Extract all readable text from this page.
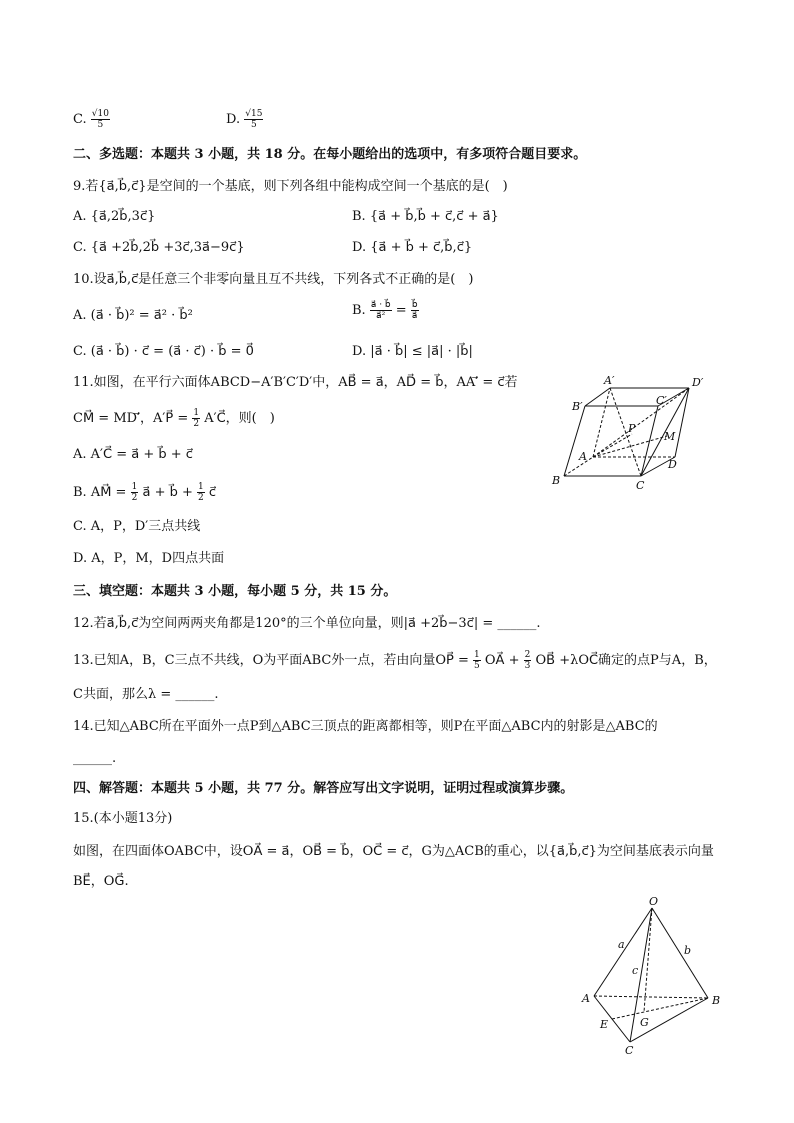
C. $\frac{√10}{5}$	D. $\frac{√15}{5}$
二、多选题：本题共 3 小题，共 18 分。在每小题给出的选项中，有多项符合题目要求。
9.若{a⃗,b⃗,c⃗}是空间的一个基底，则下列各组中能构成空间一个基底的是(　)
A. {a⃗,2b⃗,3c⃗}	B. {a⃗ + b⃗,b⃗ + c⃗,c⃗ + a⃗}
C. {a⃗ +2b⃗,2b⃗ +3c⃗,3a⃗−9c⃗}	D. {a⃗ + b⃗ + c⃗,b⃗,c⃗}
10.设a⃗,b⃗,c⃗是任意三个非零向量且互不共线，下列各式不正确的是(　)
A. (a⃗ · b⃗)² = a⃗² · b⃗²	B. $\frac{a⃗ \cdot b⃗}{\text{a⃗²}} = \frac{b⃗}{a⃗}$
C. (a⃗ · b⃗) · c⃗ = (a⃗ · c⃗) · b⃗ = 0⃗	D. |a⃗ · b⃗| ≤ |a⃗| · |b⃗|
11.如图，在平行六面体ABCD−A′B′C′D′中，AB⃗ = a⃗，AD⃗ = b⃗，AA′⃗ = c⃗若
CM⃗ = MD′⃗，A′P⃗ = $\frac{1}{2}$ A′C⃗，则(　)
A. A′C⃗ = a⃗ + b⃗ + c⃗
B. AM⃗ = $\frac{1}{2}$ a⃗ + b⃗ + $\frac{1}{2}$ c⃗
C. A，P，D′三点共线
D. A，P，M，D四点共面
A′	D′
B′	C′
P
M
A
D
B	C
三、填空题：本题共 3 小题，每小题 5 分，共 15 分。
12.若a⃗,b⃗,c⃗为空间两两夹角都是120°的三个单位向量，则|a⃗ +2b⃗−3c⃗| = ______.
13.已知A，B，C三点不共线，O为平面ABC外一点，若由向量OP⃗ = $\frac{1}{5}$ OA⃗ + $\frac{2}{3}$ OB⃗ +λOC⃗确定的点P与A，B，
C共面，那么λ = ______.
14.已知△ABC所在平面外一点P到△ABC三顶点的距离都相等，则P在平面△ABC内的射影是△ABC的
______.
四、解答题：本题共 5 小题，共 77 分。解答应写出文字说明，证明过程或演算步骤。
15.(本小题13分)
如图，在四面体OABC中，设OA⃗ = a⃗，OB⃗ = b⃗，OC⃗ = c⃗，G为△ACB的重心，以{a⃗,b⃗,c⃗}为空间基底表示向量
BE⃗，OG⃗.
O
a	b
c
A	B
E	G
C
